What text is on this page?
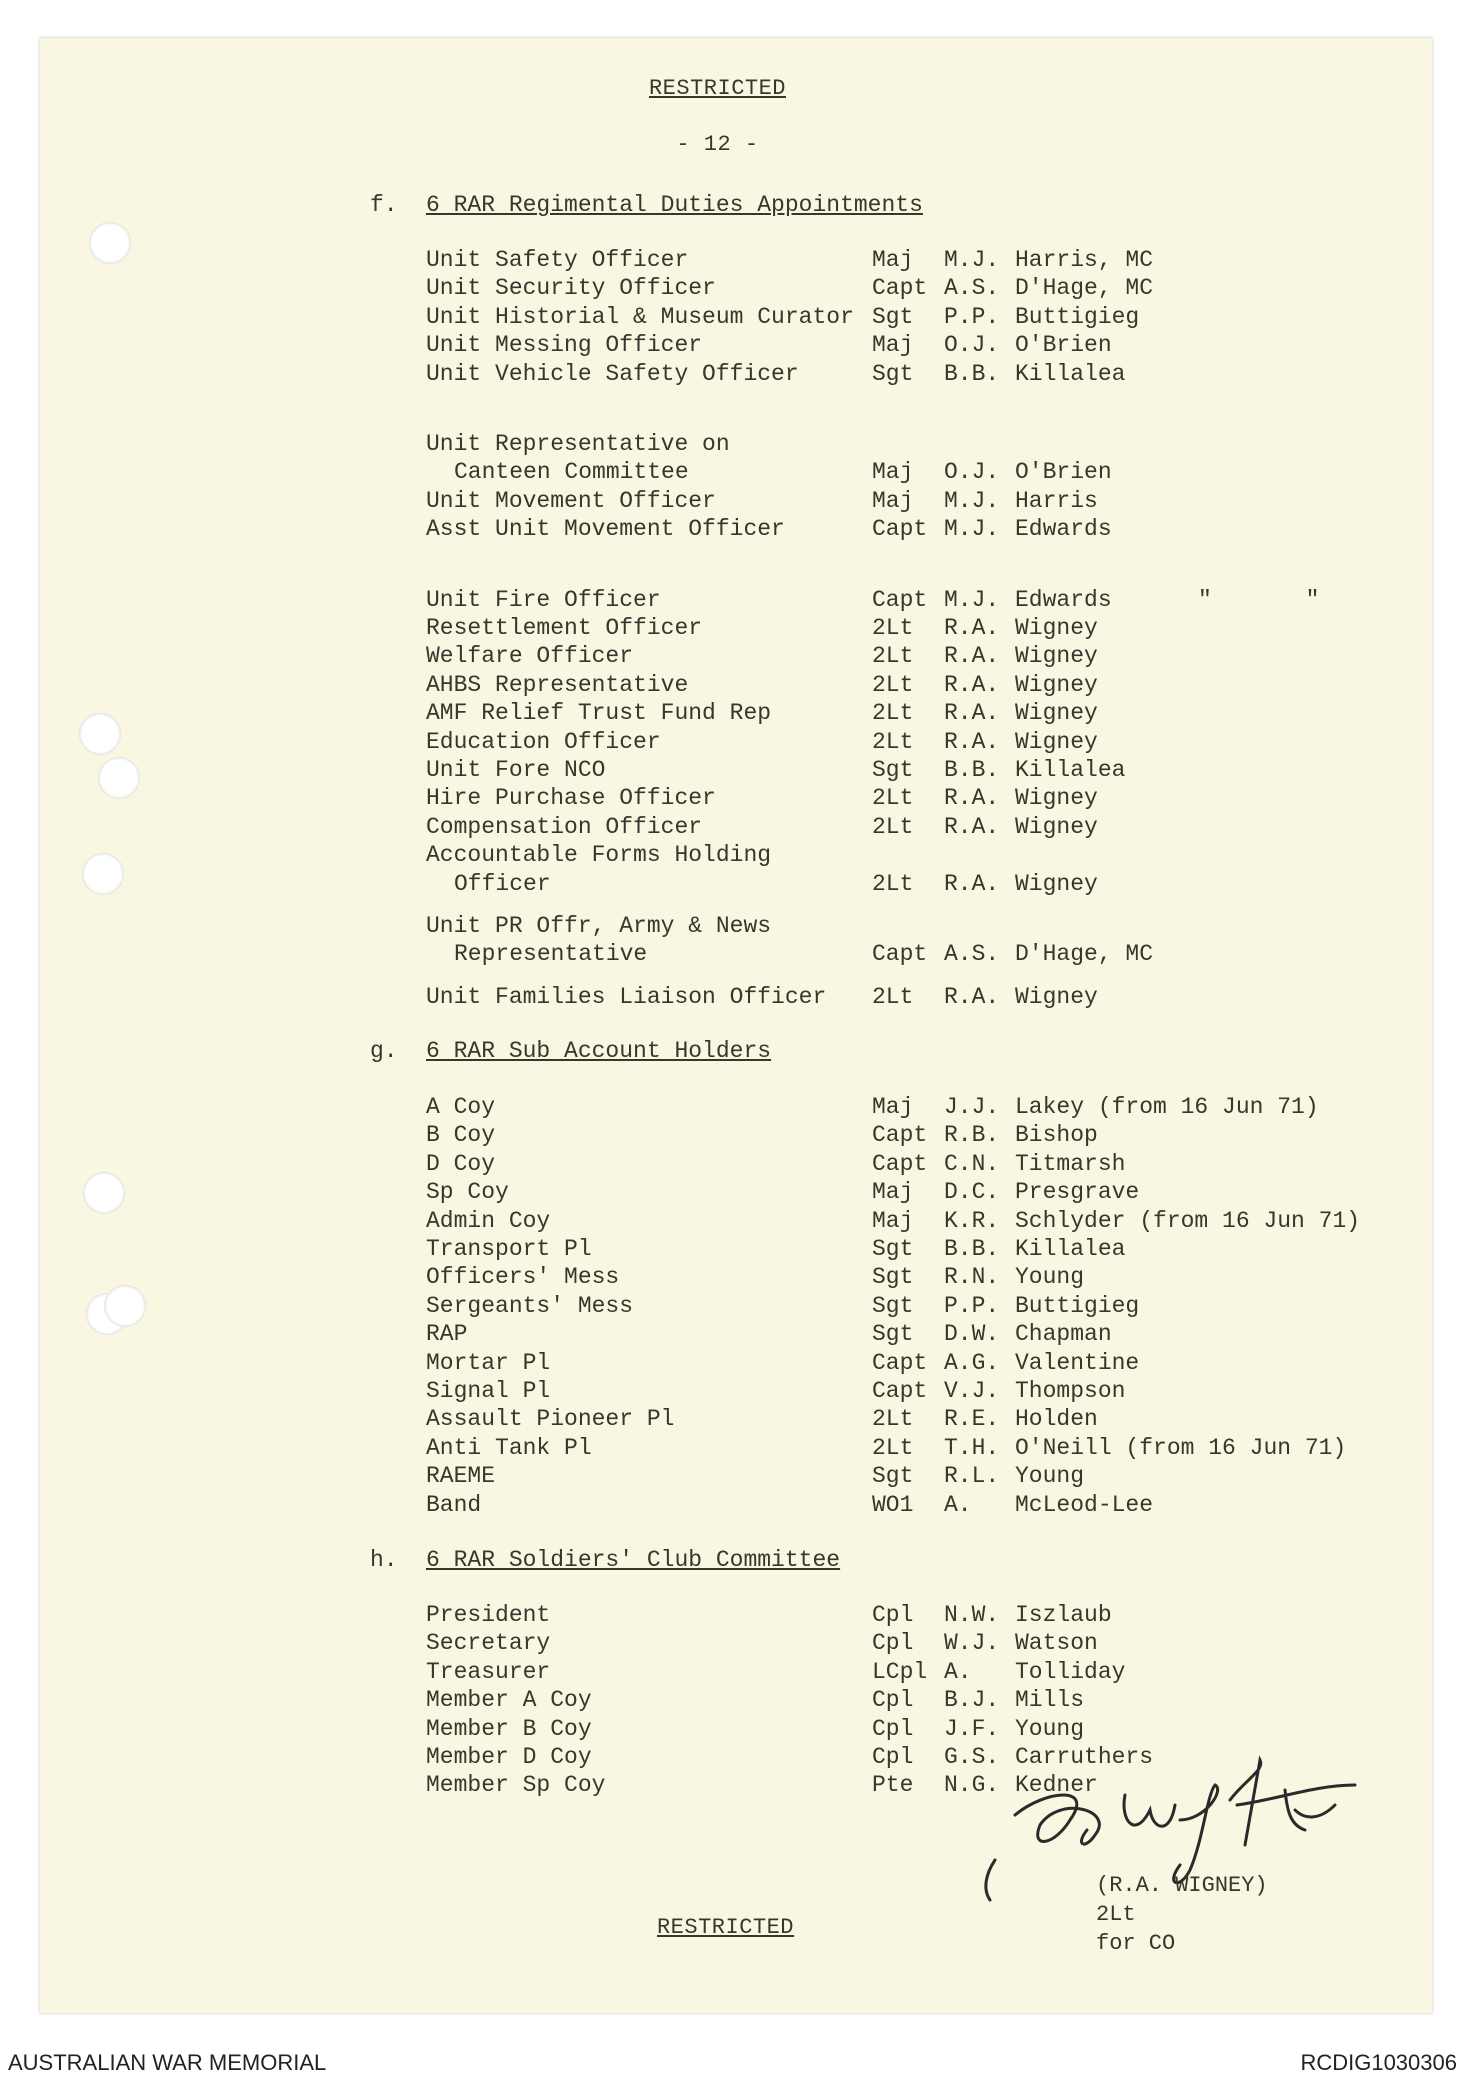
RESTRICTED
- 12 -
f. 6 RAR Regimental Duties Appointments
Unit Safety Officer	Maj M.J. Harris, MC
Unit Security Officer	Capt A.S. D'Hage, MC
Unit Historial & Museum Curator Sgt P.P. Buttigieg
Unit Messing Officer	Maj O.J. O'Brien
Unit Vehicle Safety Officer	Sgt B.B. Killalea
Unit Representative on
Canteen Committee	Maj O.J. O'Brien
Unit Movement Officer	Maj M.J. Harris
Asst Unit Movement Officer	Capt M.J. Edwards
Unit Fire Officer	Capt M.J. Edwards	" "
Resettlement Officer	2Lt R.A. Wigney
Welfare Officer	2Lt R.A. Wigney
AHBS Representative	2Lt R.A. Wigney
AMF Relief Trust Fund Rep	2Lt R.A. Wigney
Education Officer	2Lt R.A. Wigney
Unit Fore NCO	Sgt B.B. Killalea
Hire Purchase Officer	2Lt R.A. Wigney
Compensation Officer	2Lt R.A. Wigney
Accountable Forms Holding
Officer	2Lt R.A. Wigney
Unit PR Offr, Army & News
Representative	Capt A.S. D'Hage, MC
Unit Families Liaison Officer 2Lt R.A. Wigney
g. 6 RAR Sub Account Holders
A Coy	Maj J.J. Lakey (from 16 Jun 71)
B Coy	Capt R.B. Bishop
D Coy	Capt C.N. Titmarsh
Sp Coy	Maj D.C. Presgrave
Admin Coy	Maj K.R. Schlyder (from 16 Jun 71)
Transport Pl	Sgt B.B. Killalea
Officers' Mess	Sgt R.N. Young
Sergeants' Mess	Sgt P.P. Buttigieg
RAP	Sgt D.W. Chapman
Mortar Pl	Capt A.G. Valentine
Signal Pl	Capt V.J. Thompson
Assault Pioneer Pl	2Lt R.E. Holden
Anti Tank Pl	2Lt T.H. O'Neill (from 16 Jun 71)
RAEME	Sgt R.L. Young
Band	WO1 A. McLeod-Lee
h. 6 RAR Soldiers' Club Committee
President	Cpl N.W. Iszlaub
Secretary	Cpl W.J. Watson
Treasurer	LCpl A. Tolliday
Member A Coy	Cpl B.J. Mills
Member B Coy	Cpl J.F. Young
Member D Coy	Cpl G.S. Carruthers
Member Sp Coy	Pte N.G. Kedner
(R.A. WIGNEY)
2Lt
for CO
RESTRICTED
AUSTRALIAN WAR MEMORIAL	RCDIG1030306
